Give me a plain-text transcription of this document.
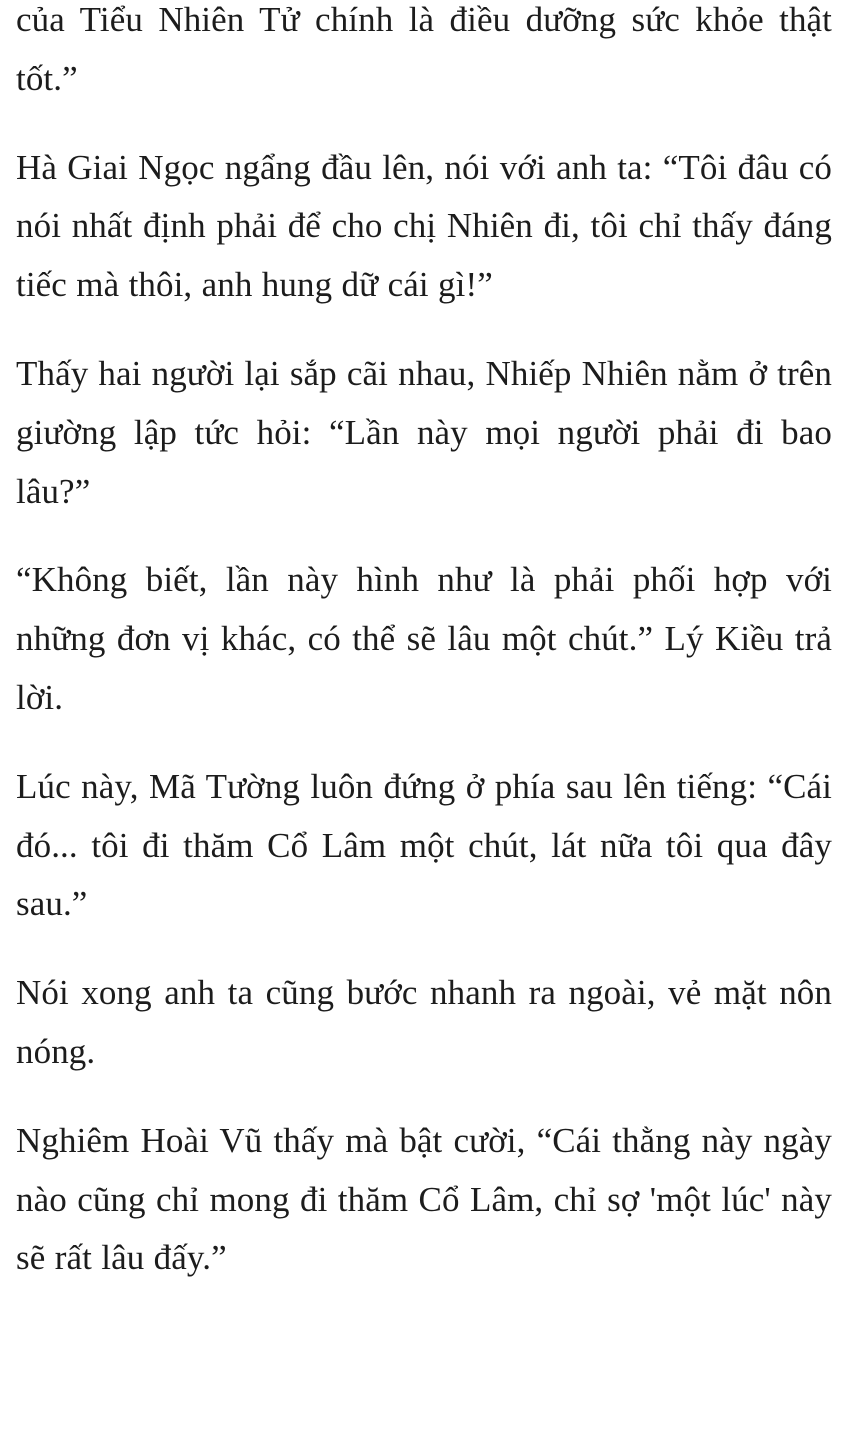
của Tiểu Nhiên Tử chính là điều dưỡng sức khỏe thật tốt.”

Hà Giai Ngọc ngẩng đầu lên, nói với anh ta: “Tôi đâu có nói nhất định phải để cho chị Nhiên đi, tôi chỉ thấy đáng tiếc mà thôi, anh hung dữ cái gì!”

Thấy hai người lại sắp cãi nhau, Nhiếp Nhiên nằm ở trên giường lập tức hỏi: “Lần này mọi người phải đi bao lâu?”

“Không biết, lần này hình như là phải phối hợp với những đơn vị khác, có thể sẽ lâu một chút.” Lý Kiều trả lời.

Lúc này, Mã Tường luôn đứng ở phía sau lên tiếng: “Cái đó... tôi đi thăm Cổ Lâm một chút, lát nữa tôi qua đây sau.”

Nói xong anh ta cũng bước nhanh ra ngoài, vẻ mặt nôn nóng.

Nghiêm Hoài Vũ thấy mà bật cười, “Cái thằng này ngày nào cũng chỉ mong đi thăm Cổ Lâm, chỉ sợ 'một lúc' này sẽ rất lâu đấy.”
